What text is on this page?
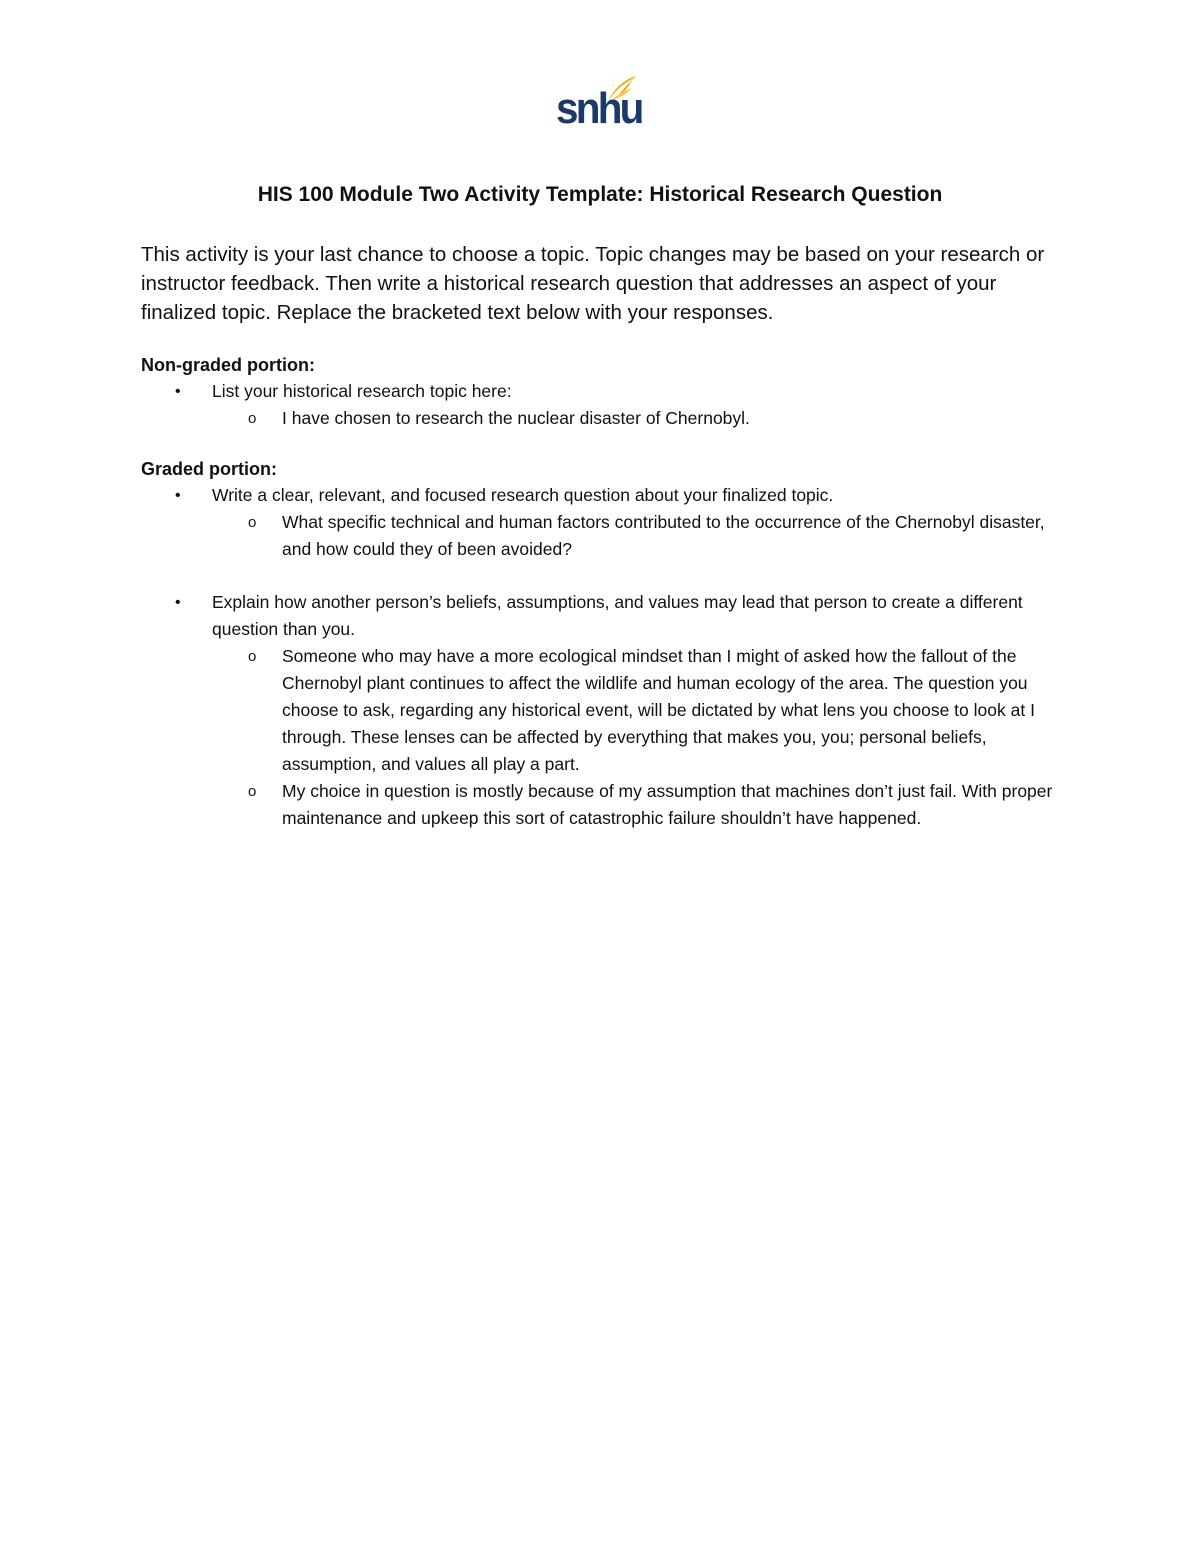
snhu
HIS 100 Module Two Activity Template: Historical Research Question

This activity is your last chance to choose a topic. Topic changes may be based on your research or instructor feedback. Then write a historical research question that addresses an aspect of your finalized topic. Replace the bracketed text below with your responses.

Non-graded portion:
• List your historical research topic here:
o I have chosen to research the nuclear disaster of Chernobyl.
Graded portion:
• Write a clear, relevant, and focused research question about your finalized topic.
o What specific technical and human factors contributed to the occurrence of the Chernobyl disaster, and how could they of been avoided?
• Explain how another person’s beliefs, assumptions, and values may lead that person to create a different question than you.
o Someone who may have a more ecological mindset than I might of asked how the fallout of the Chernobyl plant continues to affect the wildlife and human ecology of the area. The question you choose to ask, regarding any historical event, will be dictated by what lens you choose to look at I through. These lenses can be affected by everything that makes you, you; personal beliefs, assumption, and values all play a part.
o My choice in question is mostly because of my assumption that machines don’t just fail. With proper maintenance and upkeep this sort of catastrophic failure shouldn’t have happened.
